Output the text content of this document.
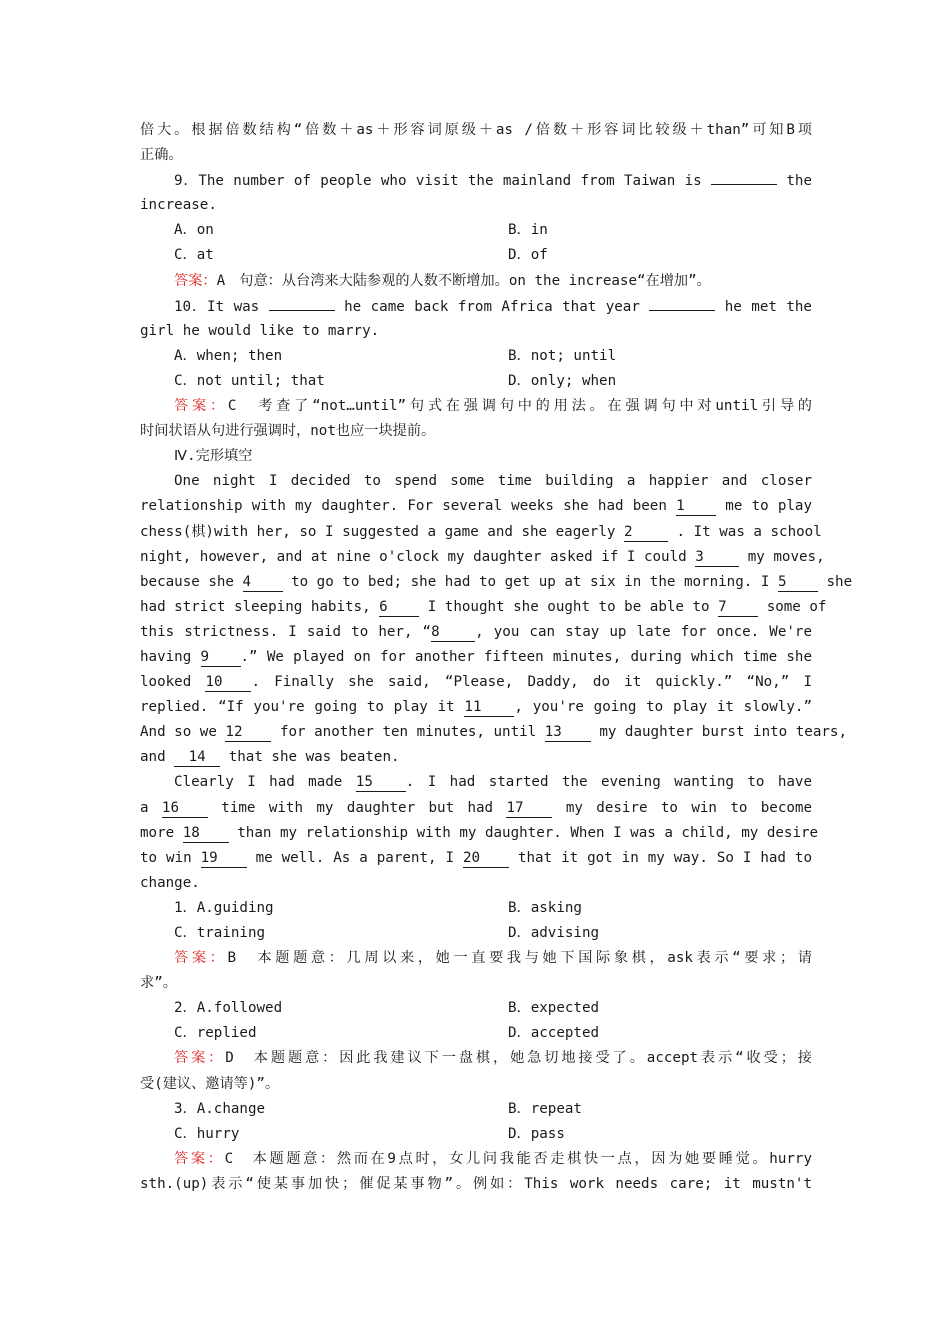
倍大。根据倍数结构“倍数＋as＋形容词原级＋as /倍数＋形容词比较级＋than”可知B项
正确。
9．The number of people who visit the mainland from Taiwan is	the
increase.
A．on	B．in
C．at	D．of
答案：A　句意：从台湾来大陆参观的人数不断增加。on the increase“在增加”。
10．It was	he came back from Africa that year	he met the
girl he would like to marry.
A．when; then	B．not; until
C．not until; that	D．only; when
答案：C　考查了“not…until”句式在强调句中的用法。在强调句中对until引导的
时间状语从句进行强调时，not也应一块提前。
Ⅳ.完形填空
One night I decided to spend some time building a happier and closer
relationship with my daughter. For several weeks she had been 1	me to play
chess(棋)with her, so I suggested a game and she eagerly 2	. It was a school
night, however, and at nine o'clock my daughter asked if I could 3	my moves,
because she 4	to go to bed; she had to get up at six in the morning. I 5	she
had strict sleeping habits, 6	I thought she ought to be able to 7	some of
this strictness. I said to her, “8 , you can stay up late for once. We're
having 9 .” We played on for another fifteen minutes, during which time she
looked 10 . Finally she said, “Please, Daddy, do it quickly.” “No,” I
replied. “If you're going to play it 11 , you're going to play it slowly.”
And so we 12	for another ten minutes, until 13	my daughter burst into tears,
and 14 that she was beaten.
Clearly I had made 15 . I had started the evening wanting to have
a 16	time with my daughter but had 17	my desire to win to become
more 18	than my relationship with my daughter. When I was a child, my desire
to win 19	me well. As a parent, I 20	that it got in my way. So I had to
change.
1．A.guiding	B．asking
C．training	D．advising
答案：B　本题题意：几周以来，她一直要我与她下国际象棋，ask表示“要求；请
求”。
2．A.followed	B．expected
C．replied	D．accepted
答案：D　本题题意：因此我建议下一盘棋，她急切地接受了。accept表示“收受；接
受(建议、邀请等)”。
3．A.change	B．repeat
C．hurry	D．pass
答案：C　本题题意：然而在9点时，女儿问我能否走棋快一点，因为她要睡觉。hurry
sth.(up)表示“使某事加快；催促某事物”。例如：This work needs care; it mustn't
